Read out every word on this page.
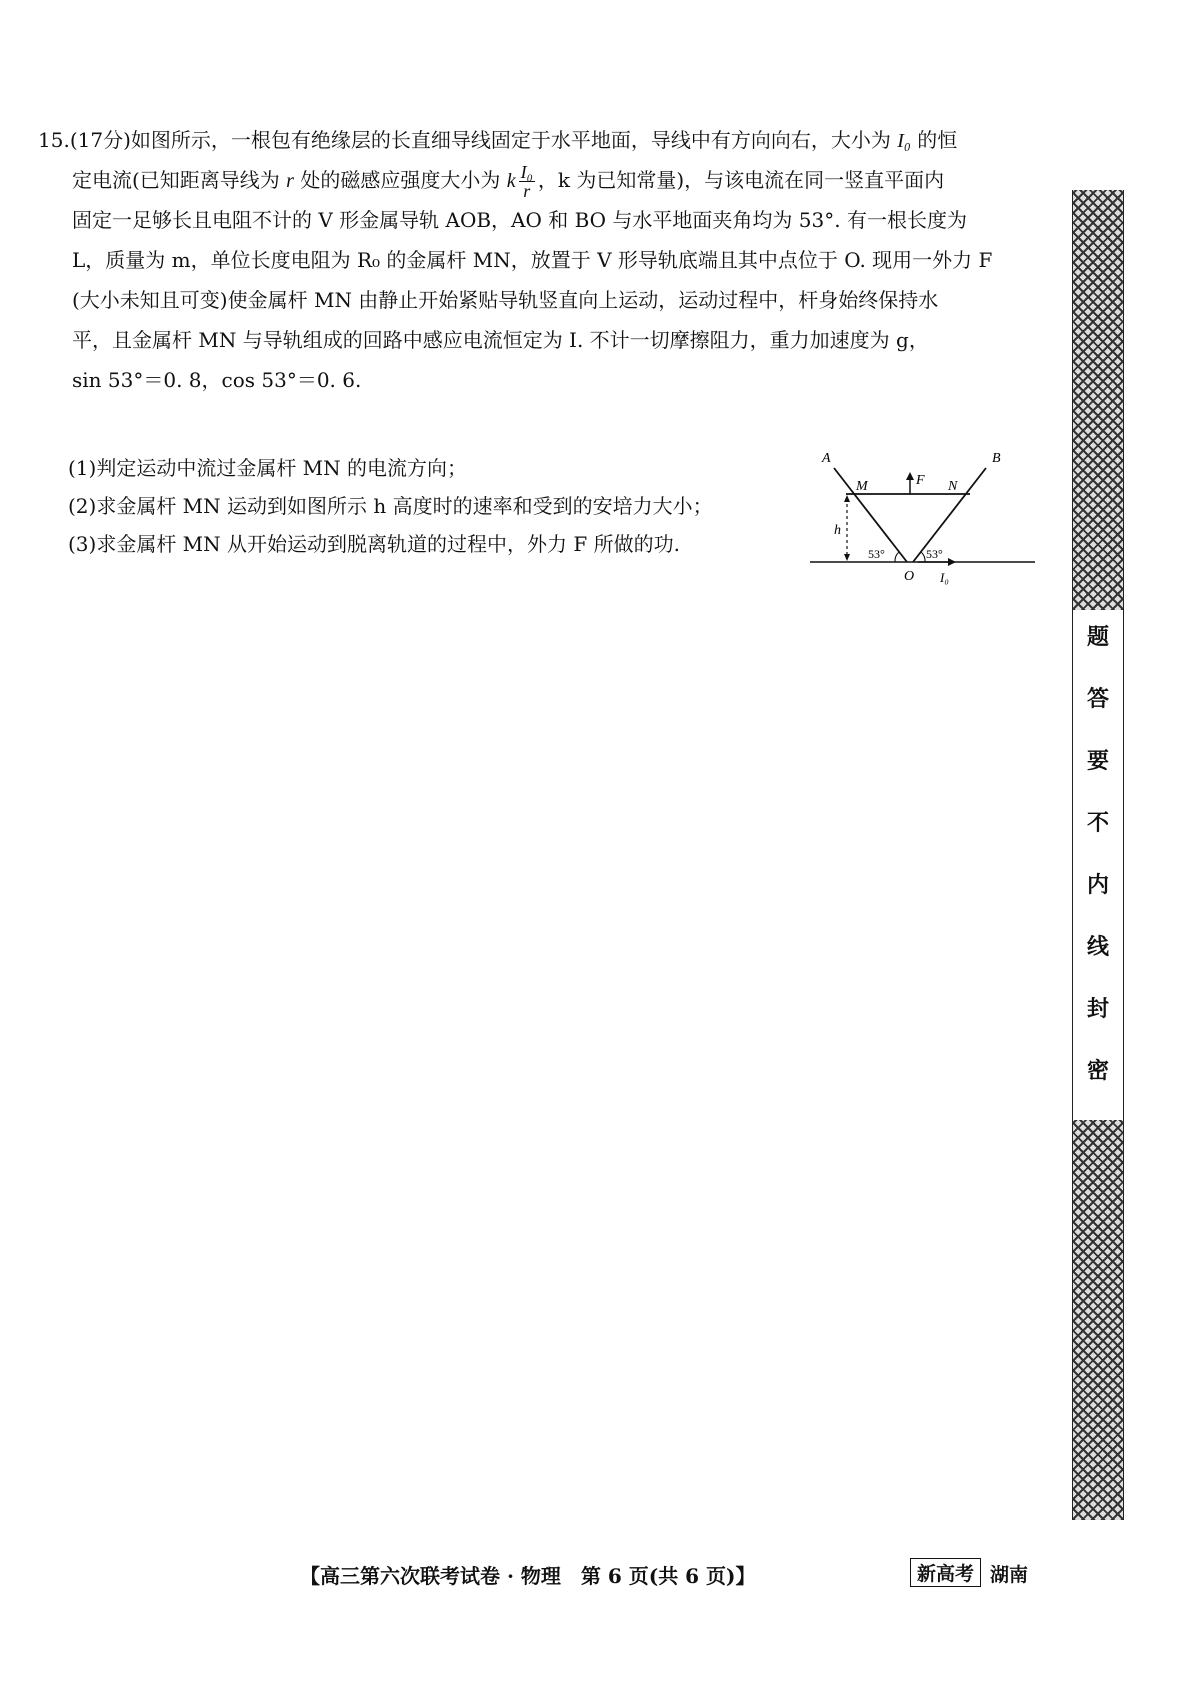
15.(17分)如图所示，一根包有绝缘层的长直细导线固定于水平地面，导线中有方向向右，大小为 I₀ 的恒
定电流(已知距离导线为 r 处的磁感应强度大小为 k $\frac{\text{I₀}}{r}$ ，k 为已知常量)，与该电流在同一竖直平面内
固定一足够长且电阻不计的 V 形金属导轨 AOB，AO 和 BO 与水平地面夹角均为 53°. 有一根长度为
L，质量为 m，单位长度电阻为 R₀ 的金属杆 MN，放置于 V 形导轨底端且其中点位于 O. 现用一外力 F
(大小未知且可变)使金属杆 MN 由静止开始紧贴导轨竖直向上运动，运动过程中，杆身始终保持水
平，且金属杆 MN 与导轨组成的回路中感应电流恒定为 I. 不计一切摩擦阻力，重力加速度为 g，
sin 53°＝0. 8，cos 53°＝0. 6.
(1)判定运动中流过金属杆 MN 的电流方向；
(2)求金属杆 MN 运动到如图所示 h 高度时的速率和受到的安培力大小；
(3)求金属杆 MN 从开始运动到脱离轨道的过程中，外力 F 所做的功.
A	B
M	N
F
h
O I₀
53°	53°
题
答
要
不
内
线
封
密
【高三第六次联考试卷 · 物理　第 6 页(共 6 页)】	新高考 湖南
